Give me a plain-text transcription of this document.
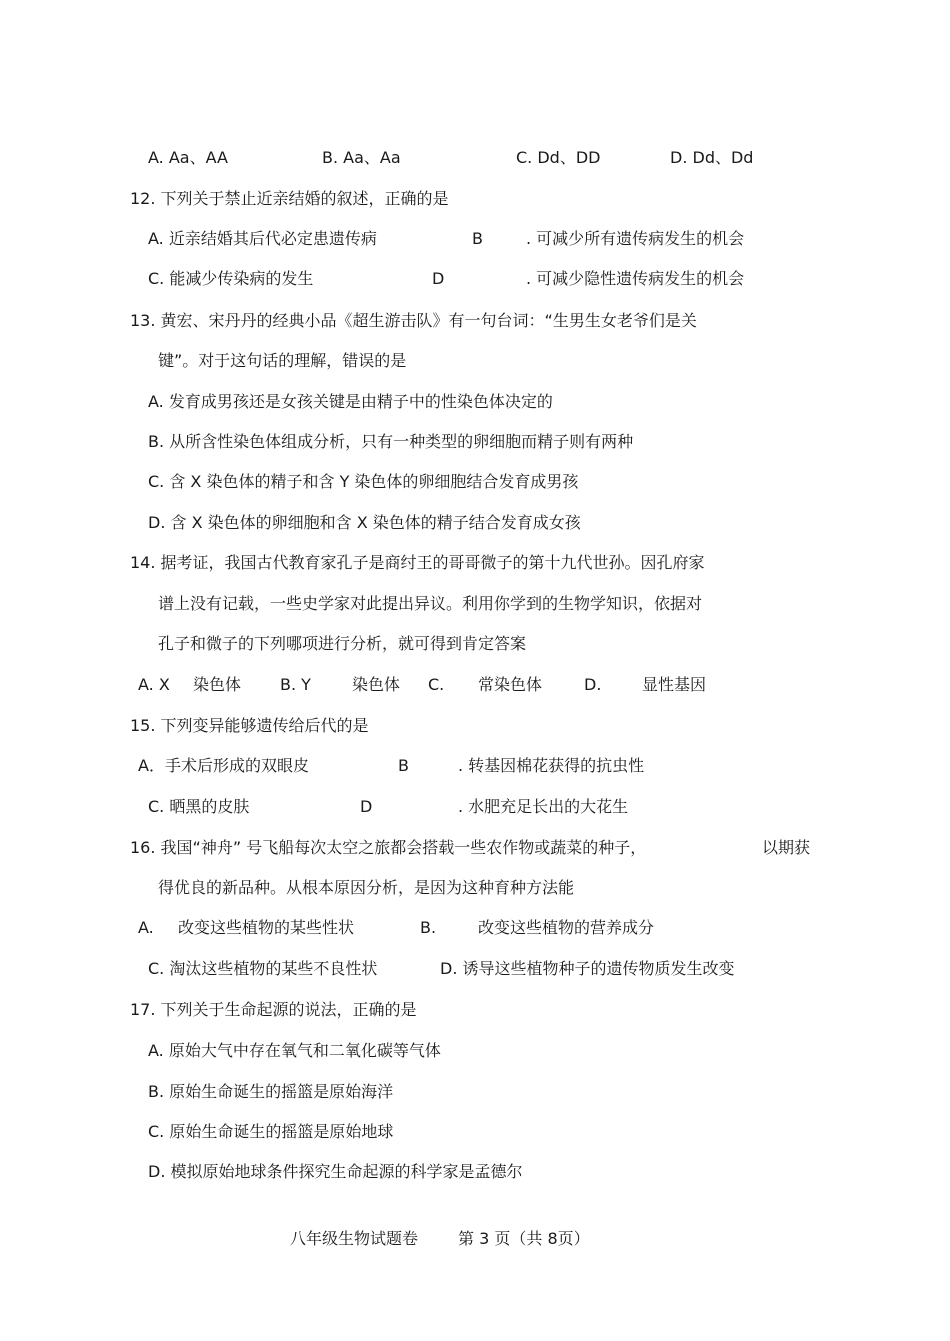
A. Aa、AA	B. Aa、Aa	C. Dd、DD	D. Dd、Dd
12. 下列关于禁止近亲结婚的叙述，正确的是
A. 近亲结婚其后代必定患遗传病	B	. 可减少所有遗传病发生的机会
C. 能减少传染病的发生	D	. 可减少隐性遗传病发生的机会
13. 黄宏、宋丹丹的经典小品《超生游击队》有一句台词：“生男生女老爷们是关
键”。对于这句话的理解，错误的是
A. 发育成男孩还是女孩关键是由精子中的性染色体决定的
B. 从所含性染色体组成分析，只有一种类型的卵细胞而精子则有两种
C. 含 X 染色体的精子和含 Y 染色体的卵细胞结合发育成男孩
D. 含 X 染色体的卵细胞和含 X 染色体的精子结合发育成女孩
14. 据考证，我国古代教育家孔子是商纣王的哥哥微子的第十九代世孙。因孔府家
谱上没有记载，一些史学家对此提出异议。利用你学到的生物学知识，依据对
孔子和微子的下列哪项进行分析，就可得到肯定答案
A. X 染色体 B. Y	染色体 C. 常染色体	D.	显性基因
15. 下列变异能够遗传给后代的是
A．手术后形成的双眼皮	B	. 转基因棉花获得的抗虫性
C. 晒黑的皮肤	D	. 水肥充足长出的大花生
16. 我国“神舟” 号飞船每次太空之旅都会搭载一些农作物或蔬菜的种子，	以期获
得优良的新品种。从根本原因分析，是因为这种育种方法能
A. 改变这些植物的某些性状	B.	改变这些植物的营养成分
C. 淘汰这些植物的某些不良性状	D. 诱导这些植物种子的遗传物质发生改变
17. 下列关于生命起源的说法，正确的是
A. 原始大气中存在氧气和二氧化碳等气体
B. 原始生命诞生的摇篮是原始海洋
C. 原始生命诞生的摇篮是原始地球
D. 模拟原始地球条件探究生命起源的科学家是孟德尔
八年级生物试题卷 第 3 页（共 8页）
